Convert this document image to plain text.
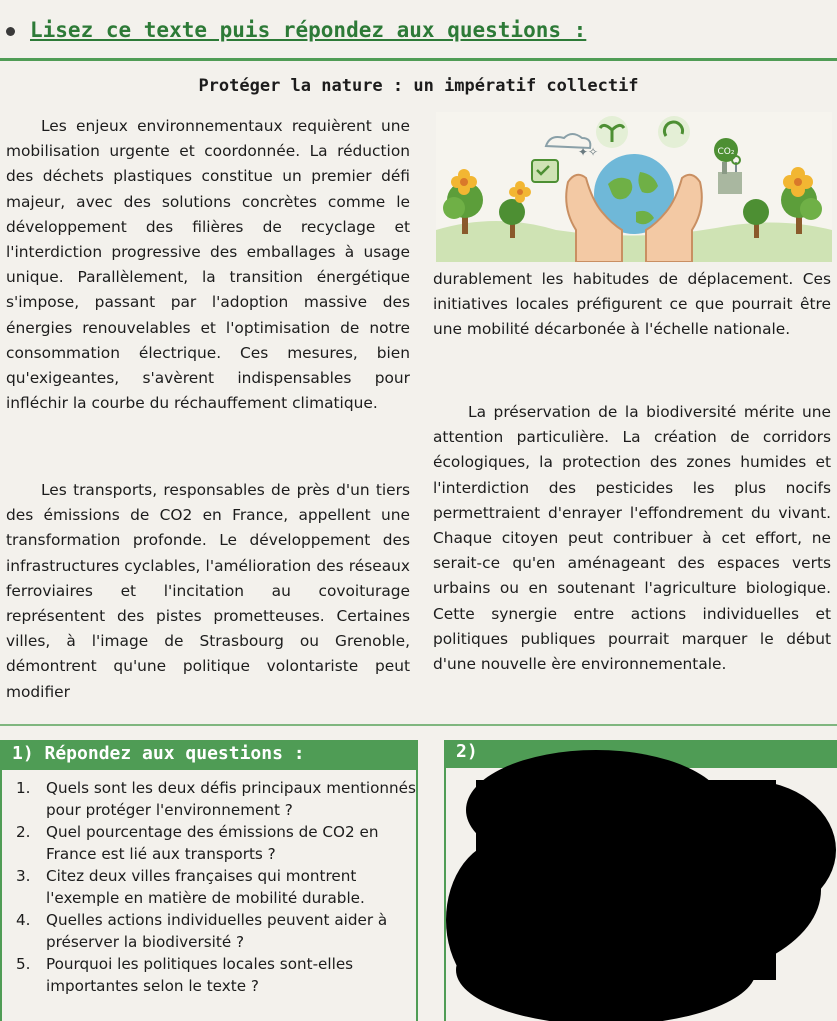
Lisez ce texte puis répondez aux questions :
Protéger la nature : un impératif collectif

Les enjeux environnementaux requièrent une mobilisation urgente et coordonnée. La réduction des déchets plastiques constitue un premier défi majeur, avec des solutions concrètes comme le développement des filières de recyclage et l'interdiction progressive des emballages à usage unique. Parallèlement, la transition énergétique s'impose, passant par l'adoption massive des énergies renouvelables et l'optimisation de notre consommation électrique. Ces mesures, bien qu'exigeantes, s'avèrent indispensables pour infléchir la courbe du réchauffement climatique.

Les transports, responsables de près d'un tiers des émissions de CO2 en France, appellent une transformation profonde. Le développement des infrastructures cyclables, l'amélioration des réseaux ferroviaires et l'incitation au covoiturage représentent des pistes prometteuses. Certaines villes, à l'image de Strasbourg ou Grenoble, démontrent qu'une politique volontariste peut modifier

CO₂
✦✧

durablement les habitudes de déplacement. Ces initiatives locales préfigurent ce que pourrait être une mobilité décarbonée à l'échelle nationale.

La préservation de la biodiversité mérite une attention particulière. La création de corridors écologiques, la protection des zones humides et l'interdiction des pesticides les plus nocifs permettraient d'enrayer l'effondrement du vivant. Chaque citoyen peut contribuer à cet effort, ne serait-ce qu'en aménageant des espaces verts urbains ou en soutenant l'agriculture biologique. Cette synergie entre actions individuelles et politiques publiques pourrait marquer le début d'une nouvelle ère environnementale.

1) Répondez aux questions :
1. Quels sont les deux défis principaux mentionnés pour protéger l'environnement ?
2. Quel pourcentage des émissions de CO2 en France est lié aux transports ?
3. Citez deux villes françaises qui montrent l'exemple en matière de mobilité durable.
4. Quelles actions individuelles peuvent aider à préserver la biodiversité ?
5. Pourquoi les politiques locales sont-elles importantes selon le texte ?
2)
